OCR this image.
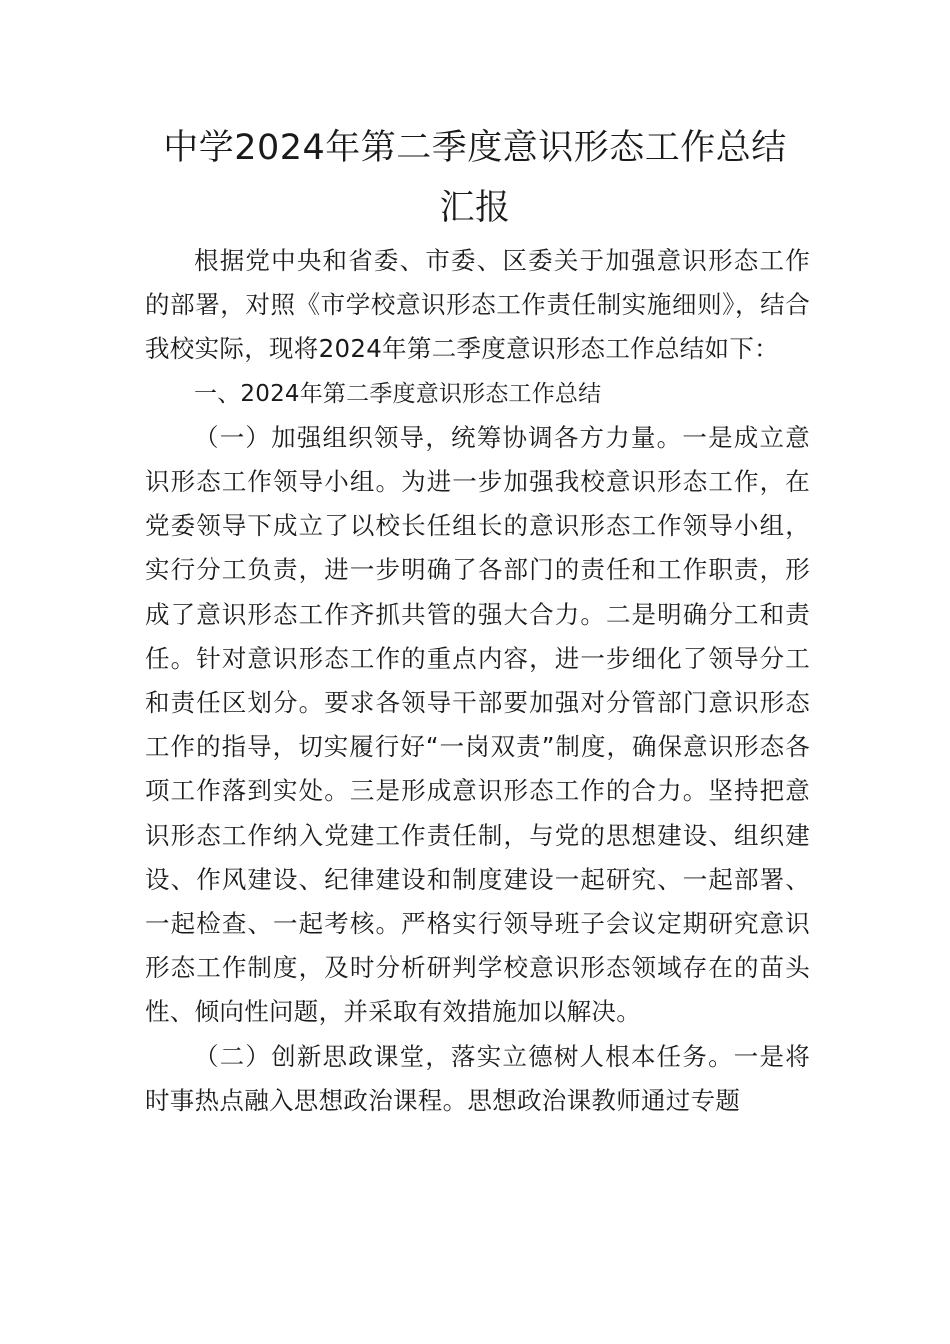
中学2024年第二季度意识形态工作总结
汇报

根据党中央和省委、市委、区委关于加强意识形态工作的部署，对照《市学校意识形态工作责任制实施细则》，结合我校实际，现将2024年第二季度意识形态工作总结如下：

一、2024年第二季度意识形态工作总结

（一）加强组织领导，统筹协调各方力量。一是成立意识形态工作领导小组。为进一步加强我校意识形态工作，在党委领导下成立了以校长任组长的意识形态工作领导小组，实行分工负责，进一步明确了各部门的责任和工作职责，形成了意识形态工作齐抓共管的强大合力。二是明确分工和责任。针对意识形态工作的重点内容，进一步细化了领导分工和责任区划分。要求各领导干部要加强对分管部门意识形态工作的指导，切实履行好“一岗双责”制度，确保意识形态各项工作落到实处。三是形成意识形态工作的合力。坚持把意识形态工作纳入党建工作责任制，与党的思想建设、组织建设、作风建设、纪律建设和制度建设一起研究、一起部署、一起检查、一起考核。严格实行领导班子会议定期研究意识形态工作制度，及时分析研判学校意识形态领域存在的苗头性、倾向性问题，并采取有效措施加以解决。

（二）创新思政课堂，落实立德树人根本任务。一是将时事热点融入思想政治课程。思想政治课教师通过专题
